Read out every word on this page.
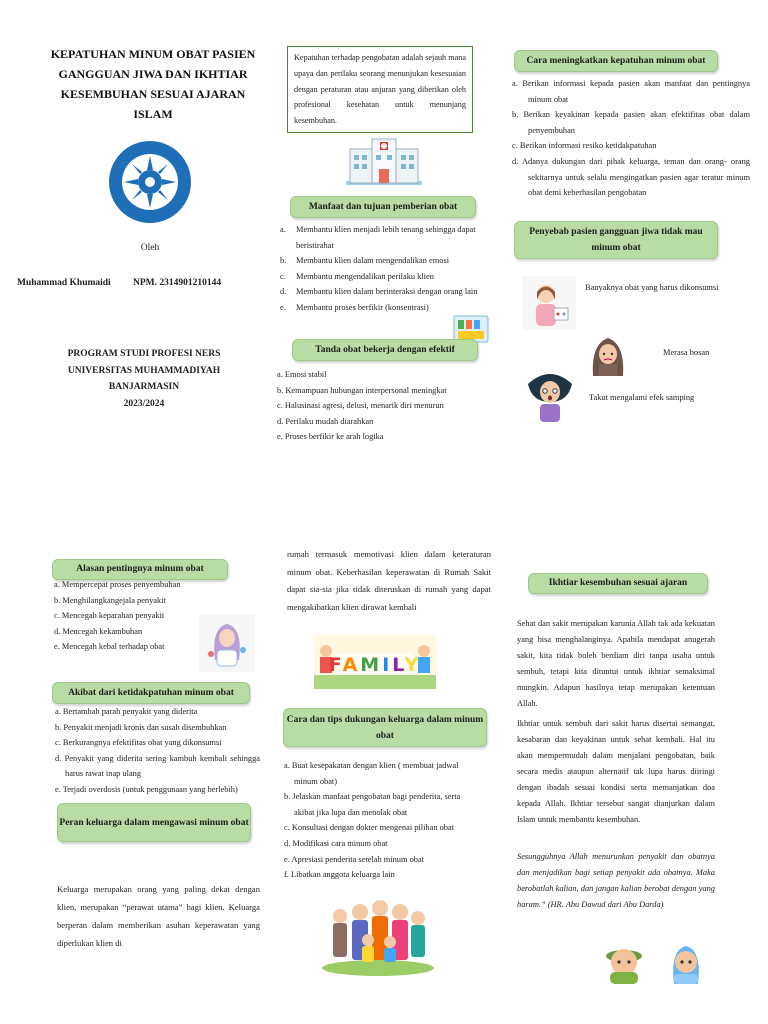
KEPATUHAN MINUM OBAT PASIEN GANGGUAN JIWA DAN IKHTIAR KESEMBUHAN SESUAI AJARAN ISLAM
Oleh
Muhammad Khumaidi NPM. 2314901210144
PROGRAM STUDI PROFESI NERS
UNIVERSITAS MUHAMMADIYAH
BANJARMASIN
2023/2024
Kepatuhan terhadap pengobatan adalah sejauh mana upaya dan perilaku seorang menunjukan kesesuaian dengan peraturan atau anjuran yang diberikan oleh profesional kesehatan untuk menunjang kesembuhan.
Manfaat dan tujuan pemberian obat
a.	Membantu klien menjadi lebih tenang sehingga dapat beristirahat
b.	Membantu klien dalam mengendalikan emosi
c.	Membantu mengendalikan perilaku klien
d.	Membantu klien dalam berinteraksi dengan orang lain
e.	Membantu proses berfikir (konsentrasi)
Tanda obat bekerja dengan efektif
a. Emosi stabil
b. Kemampuan hubungan interpersonal meningkat
c. Halusinasi agresi, delusi, menarik diri menurun
d. Perilaku mudah diarahkan
e. Proses berfikir ke arah logika
Cara meningkatkan kepatuhan minum obat
a. Berikan informasi kepada pasien akan manfaat dan pentingnya minum obat
b. Berikan keyakinan kepada pasien akan efektifitas obat dalam penyembuhan
c. Berikan informasi resiko ketidakpatuhan
d. Adanya dukungan dari pihak keluarga, teman dan orang- orang sekitarnya untuk selalu mengingatkan pasien agar teratur minum obat demi keberhasilan pengobatan
Penyebab pasien gangguan jiwa tidak mau minum obat
Banyaknya obat yang harus dikonsumsi
Merasa bosan
Takut mengalami efek samping
Alasan pentingnya minum obat
a. Mempercepat proses penyembuhan
b. Menghilangkangejala penyakit
c. Mencegah keparahan penyakit
d. Mencegah kekambuhan
e. Mencegah kebal terhadap obat
Akibat dari ketidakpatuhan minum obat
a. Bertambah parah penyakit yang diderita
b. Penyakit menjadi kronis dan susah disembuhkan
c. Berkurangnya efektifitas obat yang dikonsumsi
d. Penyakit yang diderita sering kambuh kembali sehingga harus rawat inap ulang
e. Terjadi overdosis (untuk penggunaan yang berlebih)
Peran keluarga dalam mengawasi minum obat
Keluarga merupakan orang yang paling dekat dengan klien, merupakan “perawat utama” bagi klien. Keluarga berperan dalam memberikan asuhan keperawatan yang diperlukan klien di
rumah termasuk memotivasi klien dalam keteraturan minum obat. Keberhasilan keperawatan di Rumah Sakit dapat sia-sia jika tidak diteruskan di rumah yang dapat mengakibatkan klien dirawat kembali
FAMILY
Cara dan tips dukungan keluarga dalam minum obat
a. Buat kesepakatan dengan klien ( membuat jadwal minum obat)
b. Jelaskan manfaat pengobatan bagi penderita, serta akibat jika lupa dan menolak obat
c. Konsultasi dengan dokter mengenai pilihan obat
d. Modifikasi cara minum obat
e. Apresiasi penderita setelah minum obat
f. Libatkan anggota keluarga lain
Ikhtiar kesembuhan sesuai ajaran
Sehat dan sakit merupakan karunia Allah tak ada kekuatan yang bisa menghalanginya. Apabila mendapat anugerah sakit, kita tidak boleh berdiam diri tanpa usaha untuk sembuh, tetapi kita dituntut untuk ikhtiar semaksimal mungkin. Adapun hasilnya tetap merupakan ketentuan Allah.
Ikhtiar untuk sembuh dari sakit harus disertai semangat, kesabaran dan keyakinan untuk sehat kembali. Hal itu akan mempermudah dalam menjalani pengobatan, baik secara medis ataupun alternatif tak lupa harus diiringi dengan ibadah sesuai kondisi serta memanjatkan doa kepada Allah. Ikhtiar tersebut sangat dianjurkan dalam Islam untuk membantu kesembuhan.
Sesungguhnya Allah menurunkan penyakit dan obatnya dan menjadikan bagi setiap penyakit ada obatnya. Maka berobatlah kalian, dan jangan kalian berobat dengan yang haram.” (HR. Abu Dawud dari Abu Darda)
